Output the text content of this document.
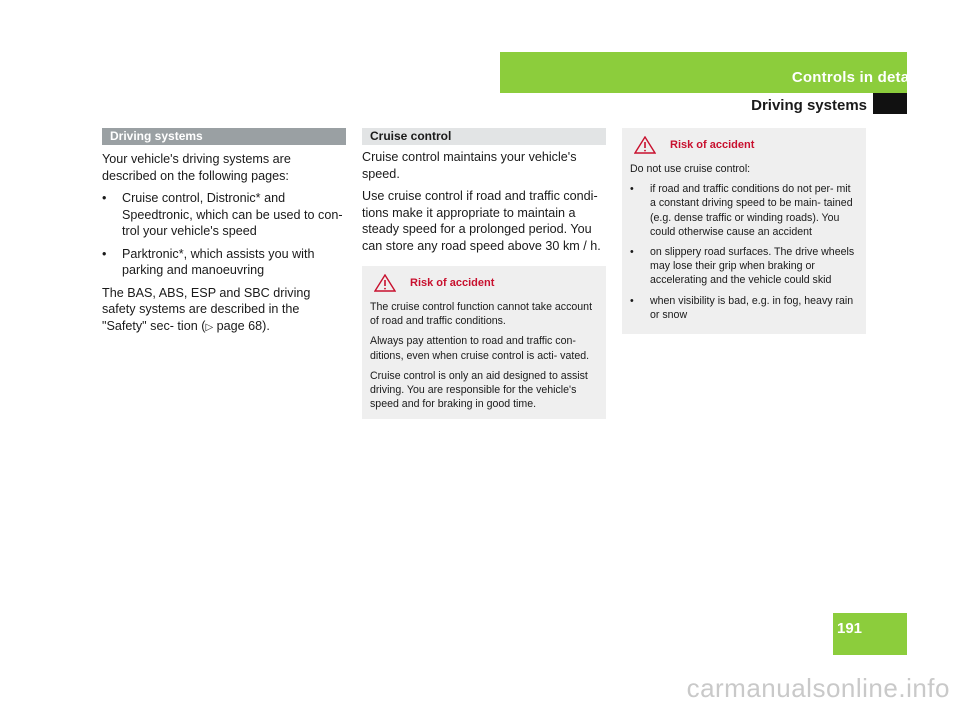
Controls in detail
Driving systems
Driving systems

Your vehicle's driving systems are described on the following pages:

• Cruise control, Distronic* and Speedtronic, which can be used to con- trol your vehicle's speed
• Parktronic*, which assists you with parking and manoeuvring

The BAS, ABS, ESP and SBC driving safety systems are described in the "Safety" sec- tion (▷ page 68).

Cruise control

Cruise control maintains your vehicle's speed.

Use cruise control if road and traffic condi- tions make it appropriate to maintain a steady speed for a prolonged period. You can store any road speed above 30 km / h.

Risk of accident

The cruise control function cannot take account of road and traffic conditions.

Always pay attention to road and traffic con- ditions, even when cruise control is acti- vated.

Cruise control is only an aid designed to assist driving. You are responsible for the vehicle's speed and for braking in good time.

Risk of accident

Do not use cruise control:

• if road and traffic conditions do not per- mit a constant driving speed to be main- tained (e.g. dense traffic or winding roads). You could otherwise cause an accident
• on slippery road surfaces. The drive wheels may lose their grip when braking or accelerating and the vehicle could skid
• when visibility is bad, e.g. in fog, heavy rain or snow
191
carmanualsonline.info
